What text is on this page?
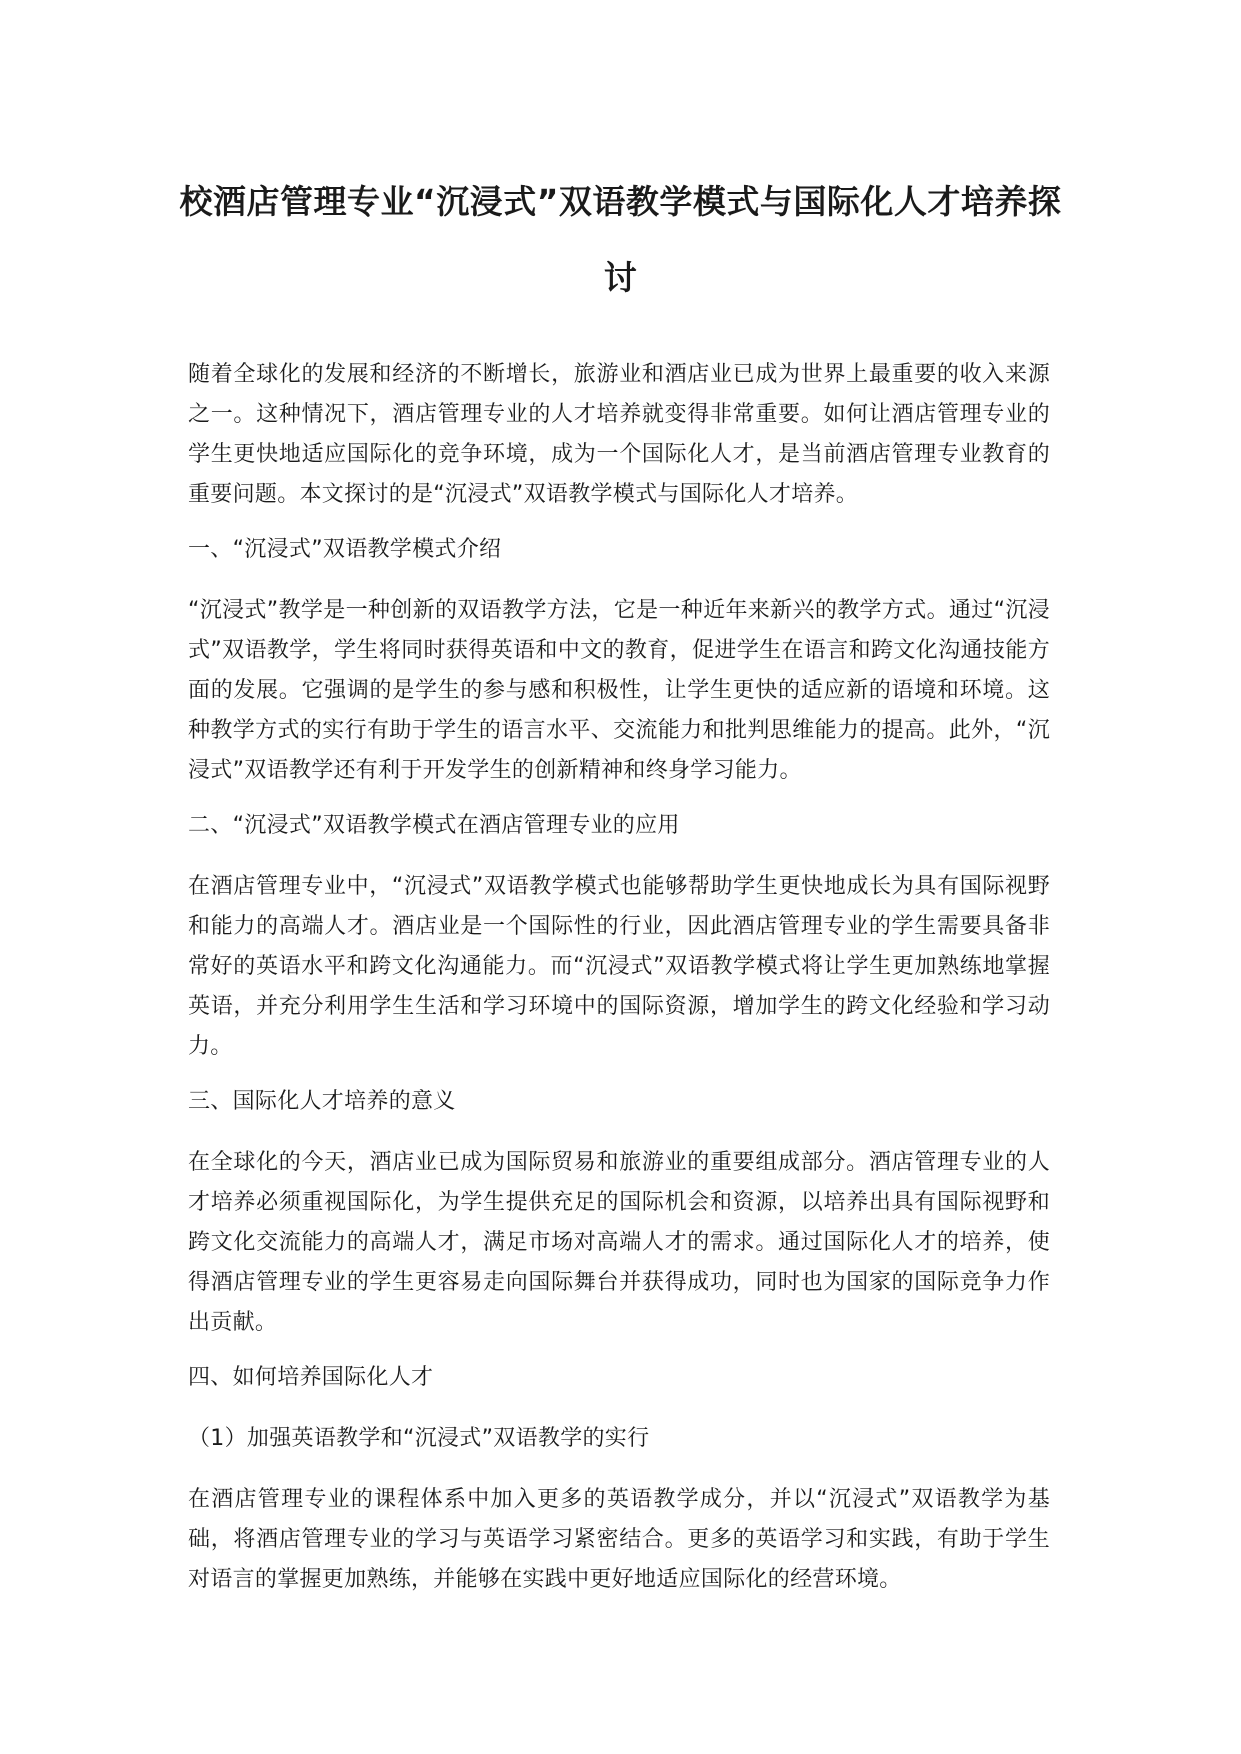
校酒店管理专业“沉浸式”双语教学模式与国际化人才培养探讨

随着全球化的发展和经济的不断增长，旅游业和酒店业已成为世界上最重要的收入来源之一。这种情况下，酒店管理专业的人才培养就变得非常重要。如何让酒店管理专业的学生更快地适应国际化的竞争环境，成为一个国际化人才，是当前酒店管理专业教育的重要问题。本文探讨的是“沉浸式”双语教学模式与国际化人才培养。

一、“沉浸式”双语教学模式介绍

“沉浸式”教学是一种创新的双语教学方法，它是一种近年来新兴的教学方式。通过“沉浸式”双语教学，学生将同时获得英语和中文的教育，促进学生在语言和跨文化沟通技能方面的发展。它强调的是学生的参与感和积极性，让学生更快的适应新的语境和环境。这种教学方式的实行有助于学生的语言水平、交流能力和批判思维能力的提高。此外，“沉浸式”双语教学还有利于开发学生的创新精神和终身学习能力。

二、“沉浸式”双语教学模式在酒店管理专业的应用

在酒店管理专业中，“沉浸式”双语教学模式也能够帮助学生更快地成长为具有国际视野和能力的高端人才。酒店业是一个国际性的行业，因此酒店管理专业的学生需要具备非常好的英语水平和跨文化沟通能力。而“沉浸式”双语教学模式将让学生更加熟练地掌握英语，并充分利用学生生活和学习环境中的国际资源，增加学生的跨文化经验和学习动力。

三、国际化人才培养的意义

在全球化的今天，酒店业已成为国际贸易和旅游业的重要组成部分。酒店管理专业的人才培养必须重视国际化，为学生提供充足的国际机会和资源，以培养出具有国际视野和跨文化交流能力的高端人才，满足市场对高端人才的需求。通过国际化人才的培养，使得酒店管理专业的学生更容易走向国际舞台并获得成功，同时也为国家的国际竞争力作出贡献。

四、如何培养国际化人才

（1）加强英语教学和“沉浸式”双语教学的实行

在酒店管理专业的课程体系中加入更多的英语教学成分，并以“沉浸式”双语教学为基础，将酒店管理专业的学习与英语学习紧密结合。更多的英语学习和实践，有助于学生对语言的掌握更加熟练，并能够在实践中更好地适应国际化的经营环境。
